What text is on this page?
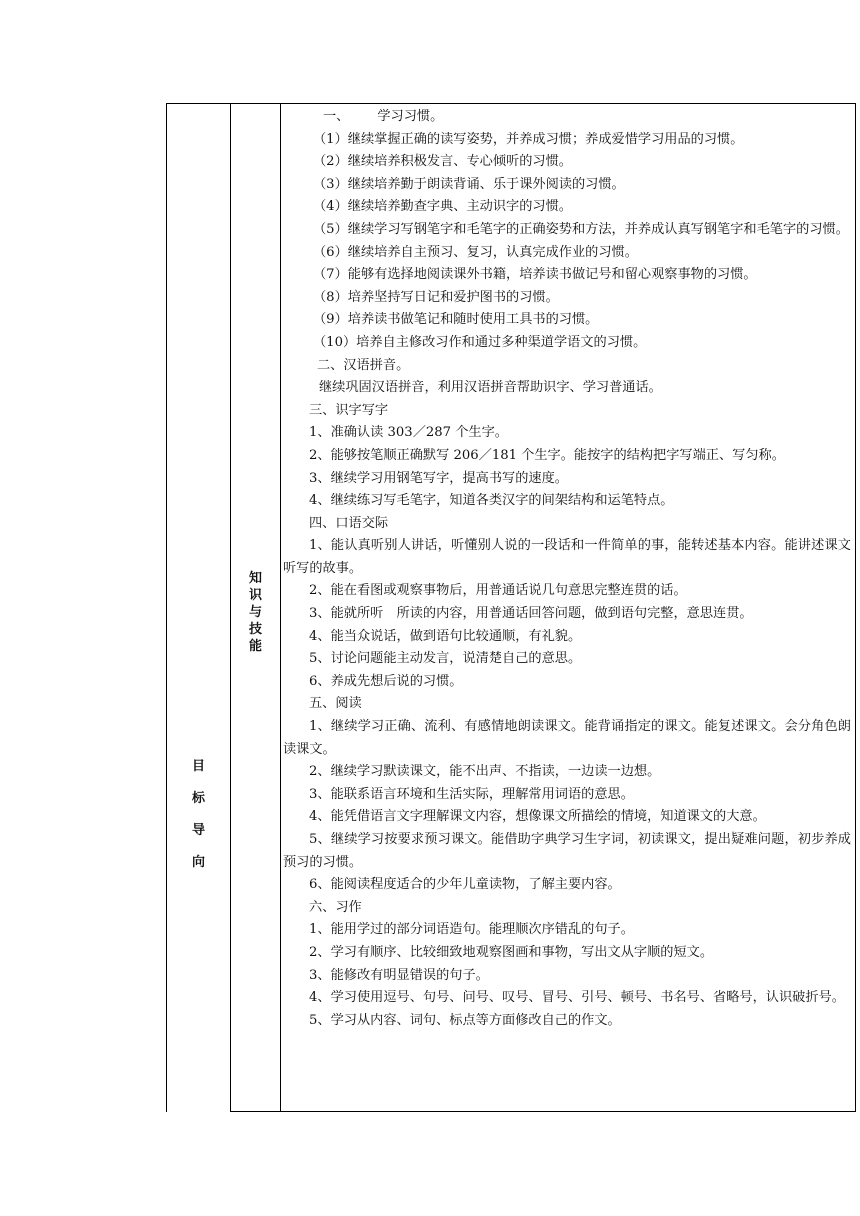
目
标
导
向
知
识
与
技
能

一、 学习习惯。

（1）继续掌握正确的读写姿势，并养成习惯；养成爱惜学习用品的习惯。

（2）继续培养积极发言、专心倾听的习惯。

（3）继续培养勤于朗读背诵、乐于课外阅读的习惯。

（4）继续培养勤查字典、主动识字的习惯。

（5）继续学习写钢笔字和毛笔字的正确姿势和方法，并养成认真写钢笔字和毛笔字的习惯。

（6）继续培养自主预习、复习，认真完成作业的习惯。

（7）能够有选择地阅读课外书籍，培养读书做记号和留心观察事物的习惯。

（8）培养坚持写日记和爱护图书的习惯。

（9）培养读书做笔记和随时使用工具书的习惯。

（10）培养自主修改习作和通过多种渠道学语文的习惯。

二、汉语拼音。

继续巩固汉语拼音，利用汉语拼音帮助识字、学习普通话。

三、识字写字

1、准确认读 303／287 个生字。

2、能够按笔顺正确默写 206／181 个生字。能按字的结构把字写端正、写匀称。

3、继续学习用钢笔写字，提高书写的速度。

4、继续练习写毛笔字，知道各类汉字的间架结构和运笔特点。

四、口语交际

1、能认真听别人讲话，听懂别人说的一段话和一件简单的事，能转述基本内容。能讲述课文听写的故事。

2、能在看图或观察事物后，用普通话说几句意思完整连贯的话。

3、能就所听　所读的内容，用普通话回答问题，做到语句完整，意思连贯。

4、能当众说话，做到语句比较通顺，有礼貌。

5、讨论问题能主动发言，说清楚自己的意思。

6、养成先想后说的习惯。

五、阅读

1、继续学习正确、流利、有感情地朗读课文。能背诵指定的课文。能复述课文。会分角色朗读课文。

2、继续学习默读课文，能不出声、不指读，一边读一边想。

3、能联系语言环境和生活实际，理解常用词语的意思。

4、能凭借语言文字理解课文内容，想像课文所描绘的情境，知道课文的大意。

5、继续学习按要求预习课文。能借助字典学习生字词，初读课文，提出疑难问题，初步养成预习的习惯。

6、能阅读程度适合的少年儿童读物，了解主要内容。

六、习作

1、能用学过的部分词语造句。能理顺次序错乱的句子。

2、学习有顺序、比较细致地观察图画和事物，写出文从字顺的短文。

3、能修改有明显错误的句子。

4、学习使用逗号、句号、问号、叹号、冒号、引号、顿号、书名号、省略号，认识破折号。

5、学习从内容、词句、标点等方面修改自己的作文。
